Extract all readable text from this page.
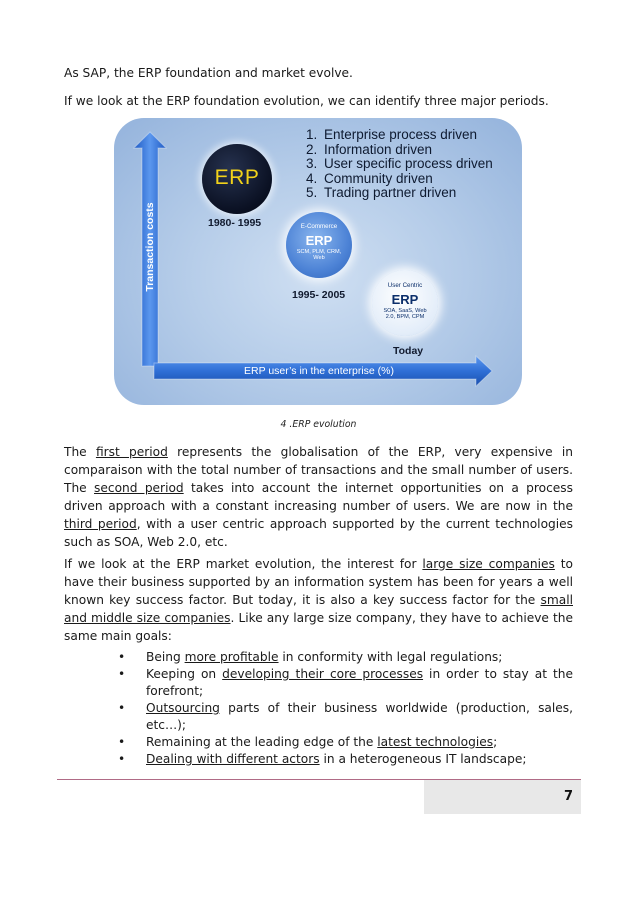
As SAP, the ERP foundation and market evolve.

If we look at the ERP foundation evolution, we can identify three major periods.

1. Enterprise process driven
2. Information driven
3. User specific process driven
4. Community driven
5. Trading partner driven
ERP
1980- 1995	E-Commerce
ERP
SCM, PLM, CRM,
Web
1995- 2005
User Centric
ERP
SOA, SaaS, Web
2.0, BPM, CPM
Today
Transaction costs
ERP user’s in the enterprise (%)
4 .ERP evolution

The first period represents the globalisation of the ERP, very expensive in comparaison with the total number of transactions and the small number of users. The second period takes into account the internet opportunities on a process driven approach with a constant increasing number of users. We are now in the third period, with a user centric approach supported by the current technologies such as SOA, Web 2.0, etc.

If we look at the ERP market evolution, the interest for large size companies to have their business supported by an information system has been for years a well known key success factor. But today, it is also a key success factor for the small and middle size companies. Like any large size company, they have to achieve the same main goals:

• Being more profitable in conformity with legal regulations;
• Keeping on developing their core processes in order to stay at the forefront;
• Outsourcing parts of their business worldwide (production, sales, etc…);
• Remaining at the leading edge of the latest technologies;
• Dealing with different actors in a heterogeneous IT landscape;
7
